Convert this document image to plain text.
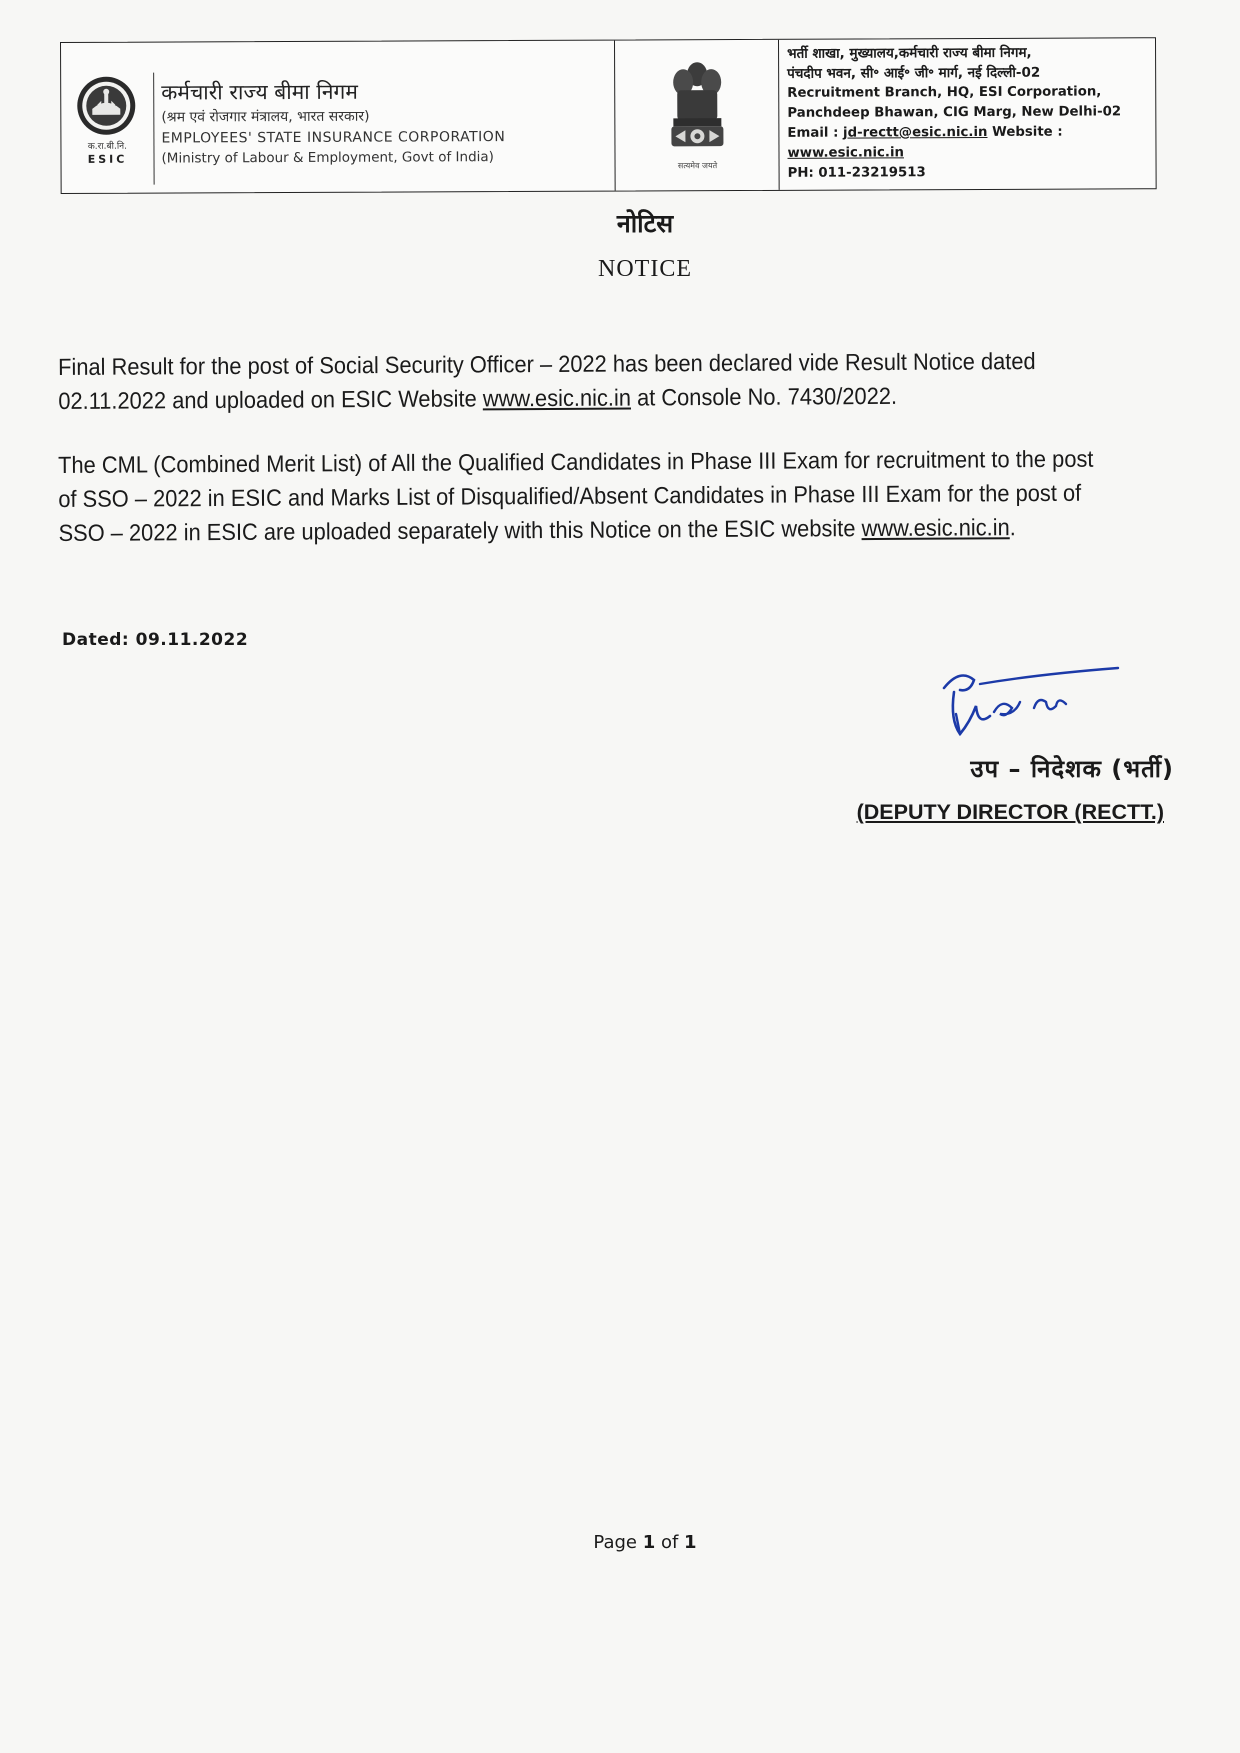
क.रा.बी.नि.
ESIC
कर्मचारी राज्य बीमा निगम
(श्रम एवं रोजगार मंत्रालय, भारत सरकार)
EMPLOYEES' STATE INSURANCE CORPORATION
(Ministry of Labour & Employment, Govt of India)	सत्यमेव जयते
भर्ती शाखा, मुख्यालय,कर्मचारी राज्य बीमा निगम,
पंचदीप भवन, सी॰ आई॰ जी॰ मार्ग, नई दिल्ली-02
Recruitment Branch, HQ, ESI Corporation,
Panchdeep Bhawan, CIG Marg, New Delhi-02
Email : jd-rectt@esic.nic.in Website : www.esic.nic.in
PH: 011-23219513
नोटिस
NOTICE

Final Result for the post of Social Security Officer – 2022 has been declared vide Result Notice dated 02.11.2022 and uploaded on ESIC Website www.esic.nic.in at Console No. 7430/2022.

The CML (Combined Merit List) of All the Qualified Candidates in Phase III Exam for recruitment to the post of SSO – 2022 in ESIC and Marks List of Disqualified/Absent Candidates in Phase III Exam for the post of SSO – 2022 in ESIC are uploaded separately with this Notice on the ESIC website www.esic.nic.in.

Dated: 09.11.2022
उप – निदेशक (भर्ती)
(DEPUTY DIRECTOR (RECTT.)
Page 1 of 1
